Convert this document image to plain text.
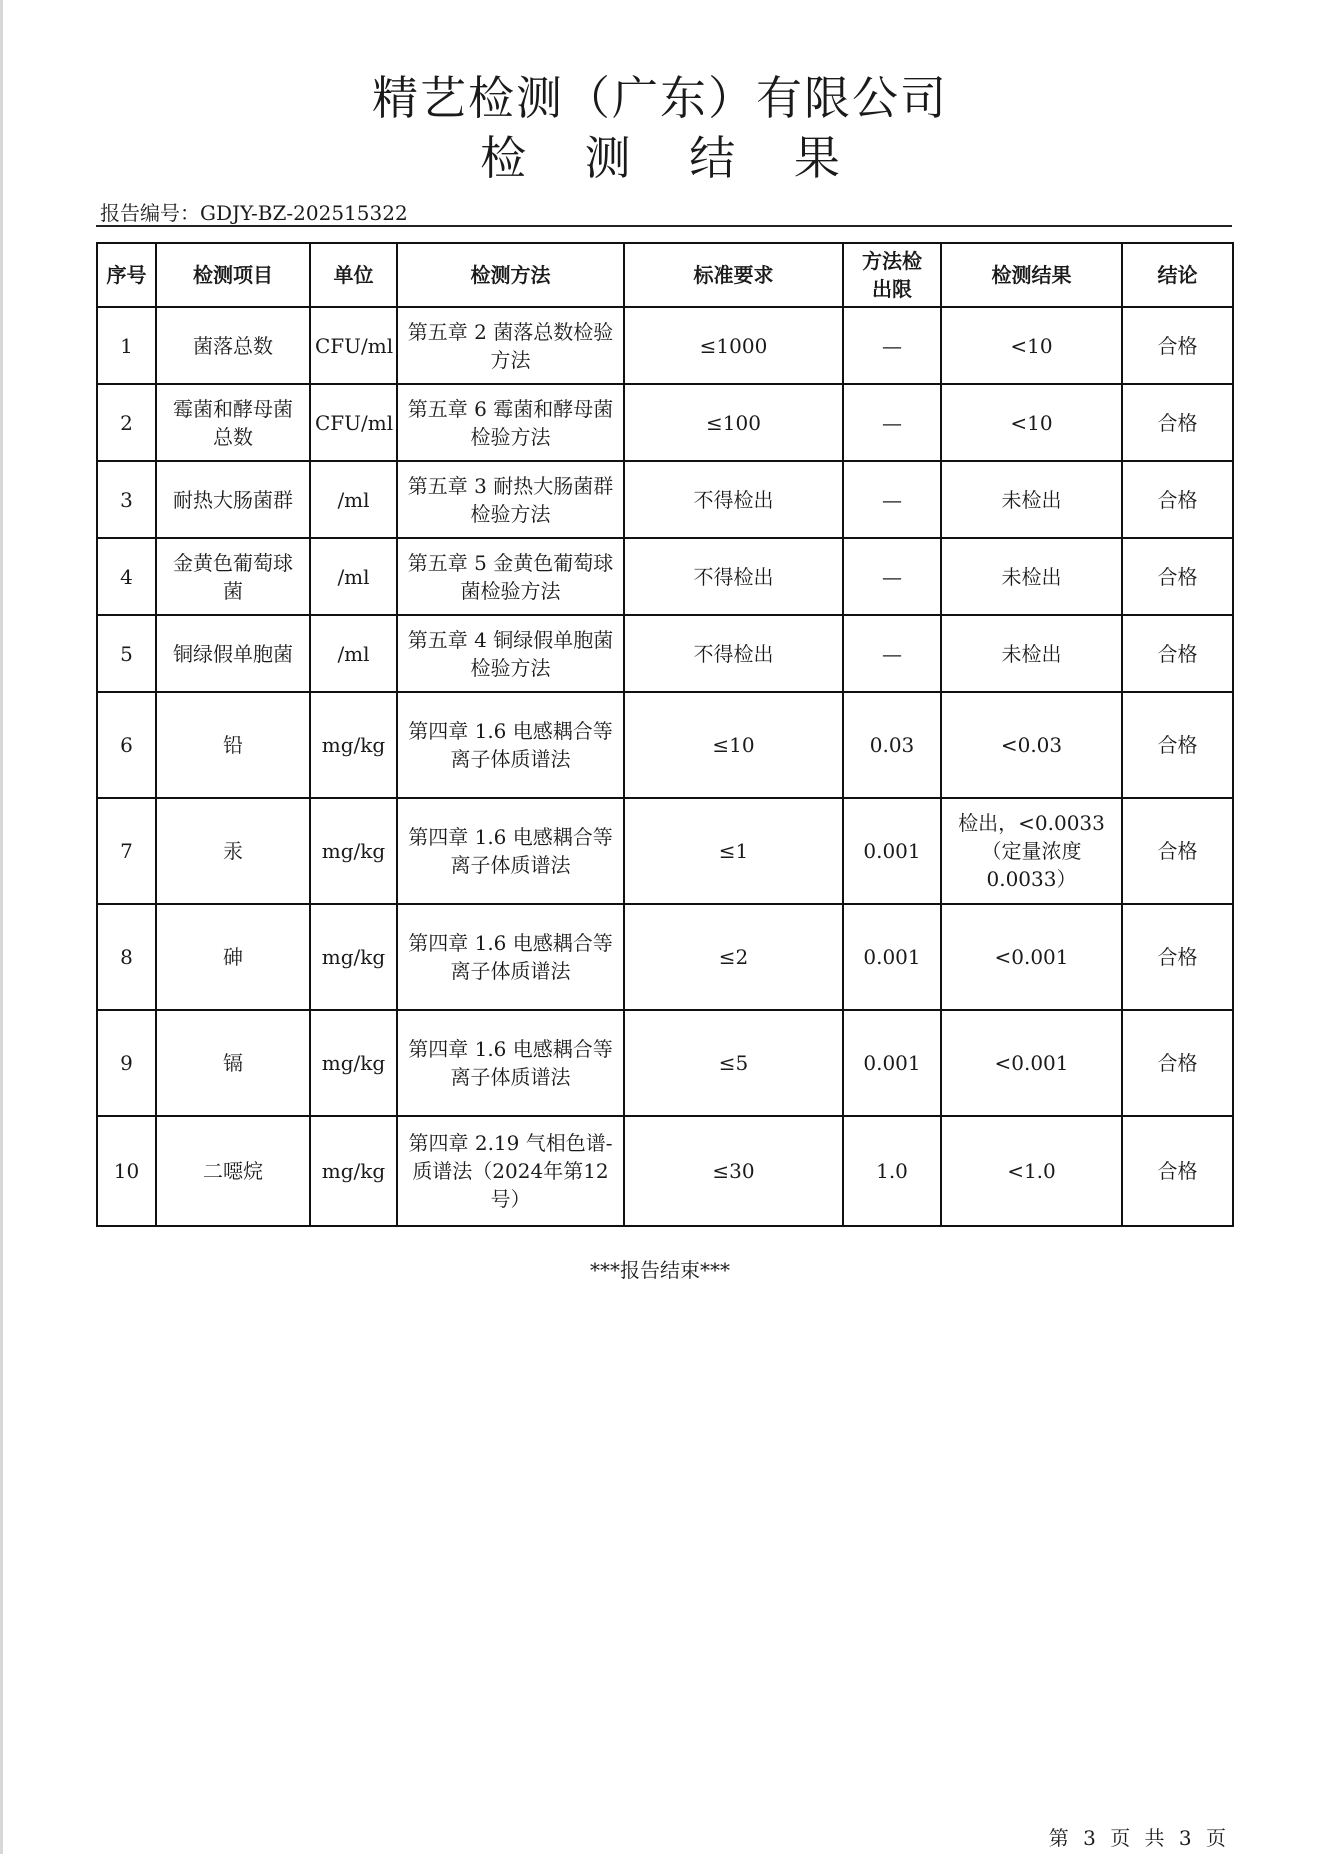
精艺检测（广东）有限公司
检 测 结 果
报告编号：GDJY-BZ-202515322
序号	检测项目	单位	检测方法	标准要求	方法检出限	检测结果	结论
1	菌落总数	CFU/ml	第五章 2 菌落总数检验方法	≤1000	—	<10	合格
2	霉菌和酵母菌总数	CFU/ml	第五章 6 霉菌和酵母菌检验方法	≤100	—	<10	合格
3	耐热大肠菌群	/ml	第五章 3 耐热大肠菌群检验方法	不得检出	—	未检出	合格
4	金黄色葡萄球菌	/ml	第五章 5 金黄色葡萄球菌检验方法	不得检出	—	未检出	合格
5	铜绿假单胞菌	/ml	第五章 4 铜绿假单胞菌检验方法	不得检出	—	未检出	合格
6	铅	mg/kg	第四章 1.6 电感耦合等离子体质谱法	≤10	0.03	<0.03	合格
7	汞	mg/kg	第四章 1.6 电感耦合等离子体质谱法	≤1	0.001	检出，<0.0033（定量浓度0.0033）	合格
8	砷	mg/kg	第四章 1.6 电感耦合等离子体质谱法	≤2	0.001	<0.001	合格
9	镉	mg/kg	第四章 1.6 电感耦合等离子体质谱法	≤5	0.001	<0.001	合格
10	二噁烷	mg/kg	第四章 2.19 气相色谱-质谱法（2024年第12号）	≤30	1.0	<1.0	合格
***报告结束***
第 3 页 共 3 页
